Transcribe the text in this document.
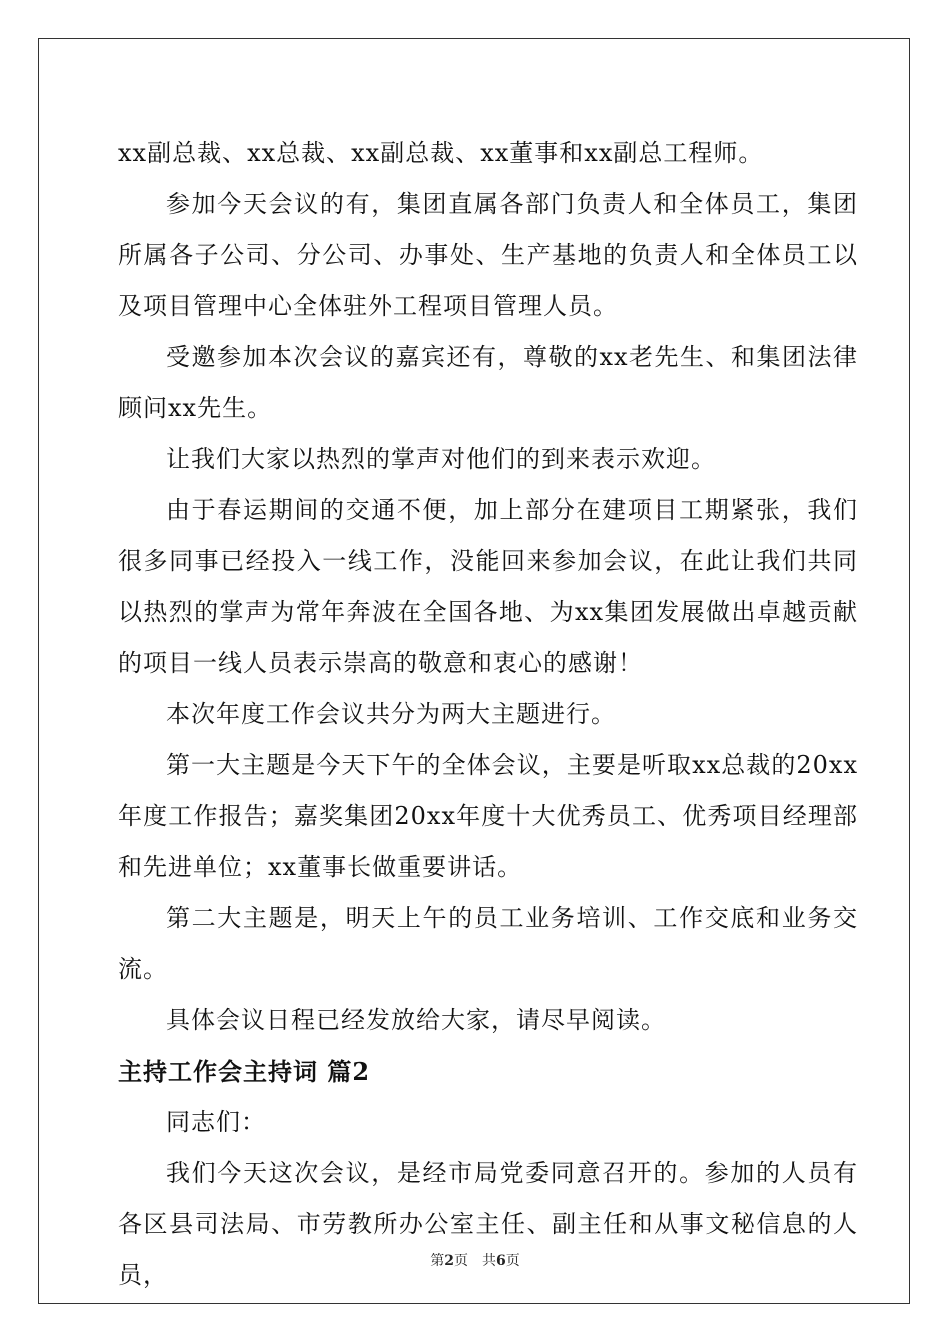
xx副总裁、xx总裁、xx副总裁、xx董事和xx副总工程师。

参加今天会议的有，集团直属各部门负责人和全体员工，集团所属各子公司、分公司、办事处、生产基地的负责人和全体员工以及项目管理中心全体驻外工程项目管理人员。

受邀参加本次会议的嘉宾还有，尊敬的xx老先生、和集团法律顾问xx先生。

让我们大家以热烈的掌声对他们的到来表示欢迎。

由于春运期间的交通不便，加上部分在建项目工期紧张，我们很多同事已经投入一线工作，没能回来参加会议，在此让我们共同以热烈的掌声为常年奔波在全国各地、为xx集团发展做出卓越贡献的项目一线人员表示崇高的敬意和衷心的感谢！

本次年度工作会议共分为两大主题进行。

第一大主题是今天下午的全体会议，主要是听取xx总裁的20xx年度工作报告；嘉奖集团20xx年度十大优秀员工、优秀项目经理部和先进单位；xx董事长做重要讲话。

第二大主题是，明天上午的员工业务培训、工作交底和业务交流。

具体会议日程已经发放给大家，请尽早阅读。

主持工作会主持词 篇2

同志们：

我们今天这次会议，是经市局党委同意召开的。参加的人员有各区县司法局、市劳教所办公室主任、副主任和从事文秘信息的人员，	第2页 共6页
